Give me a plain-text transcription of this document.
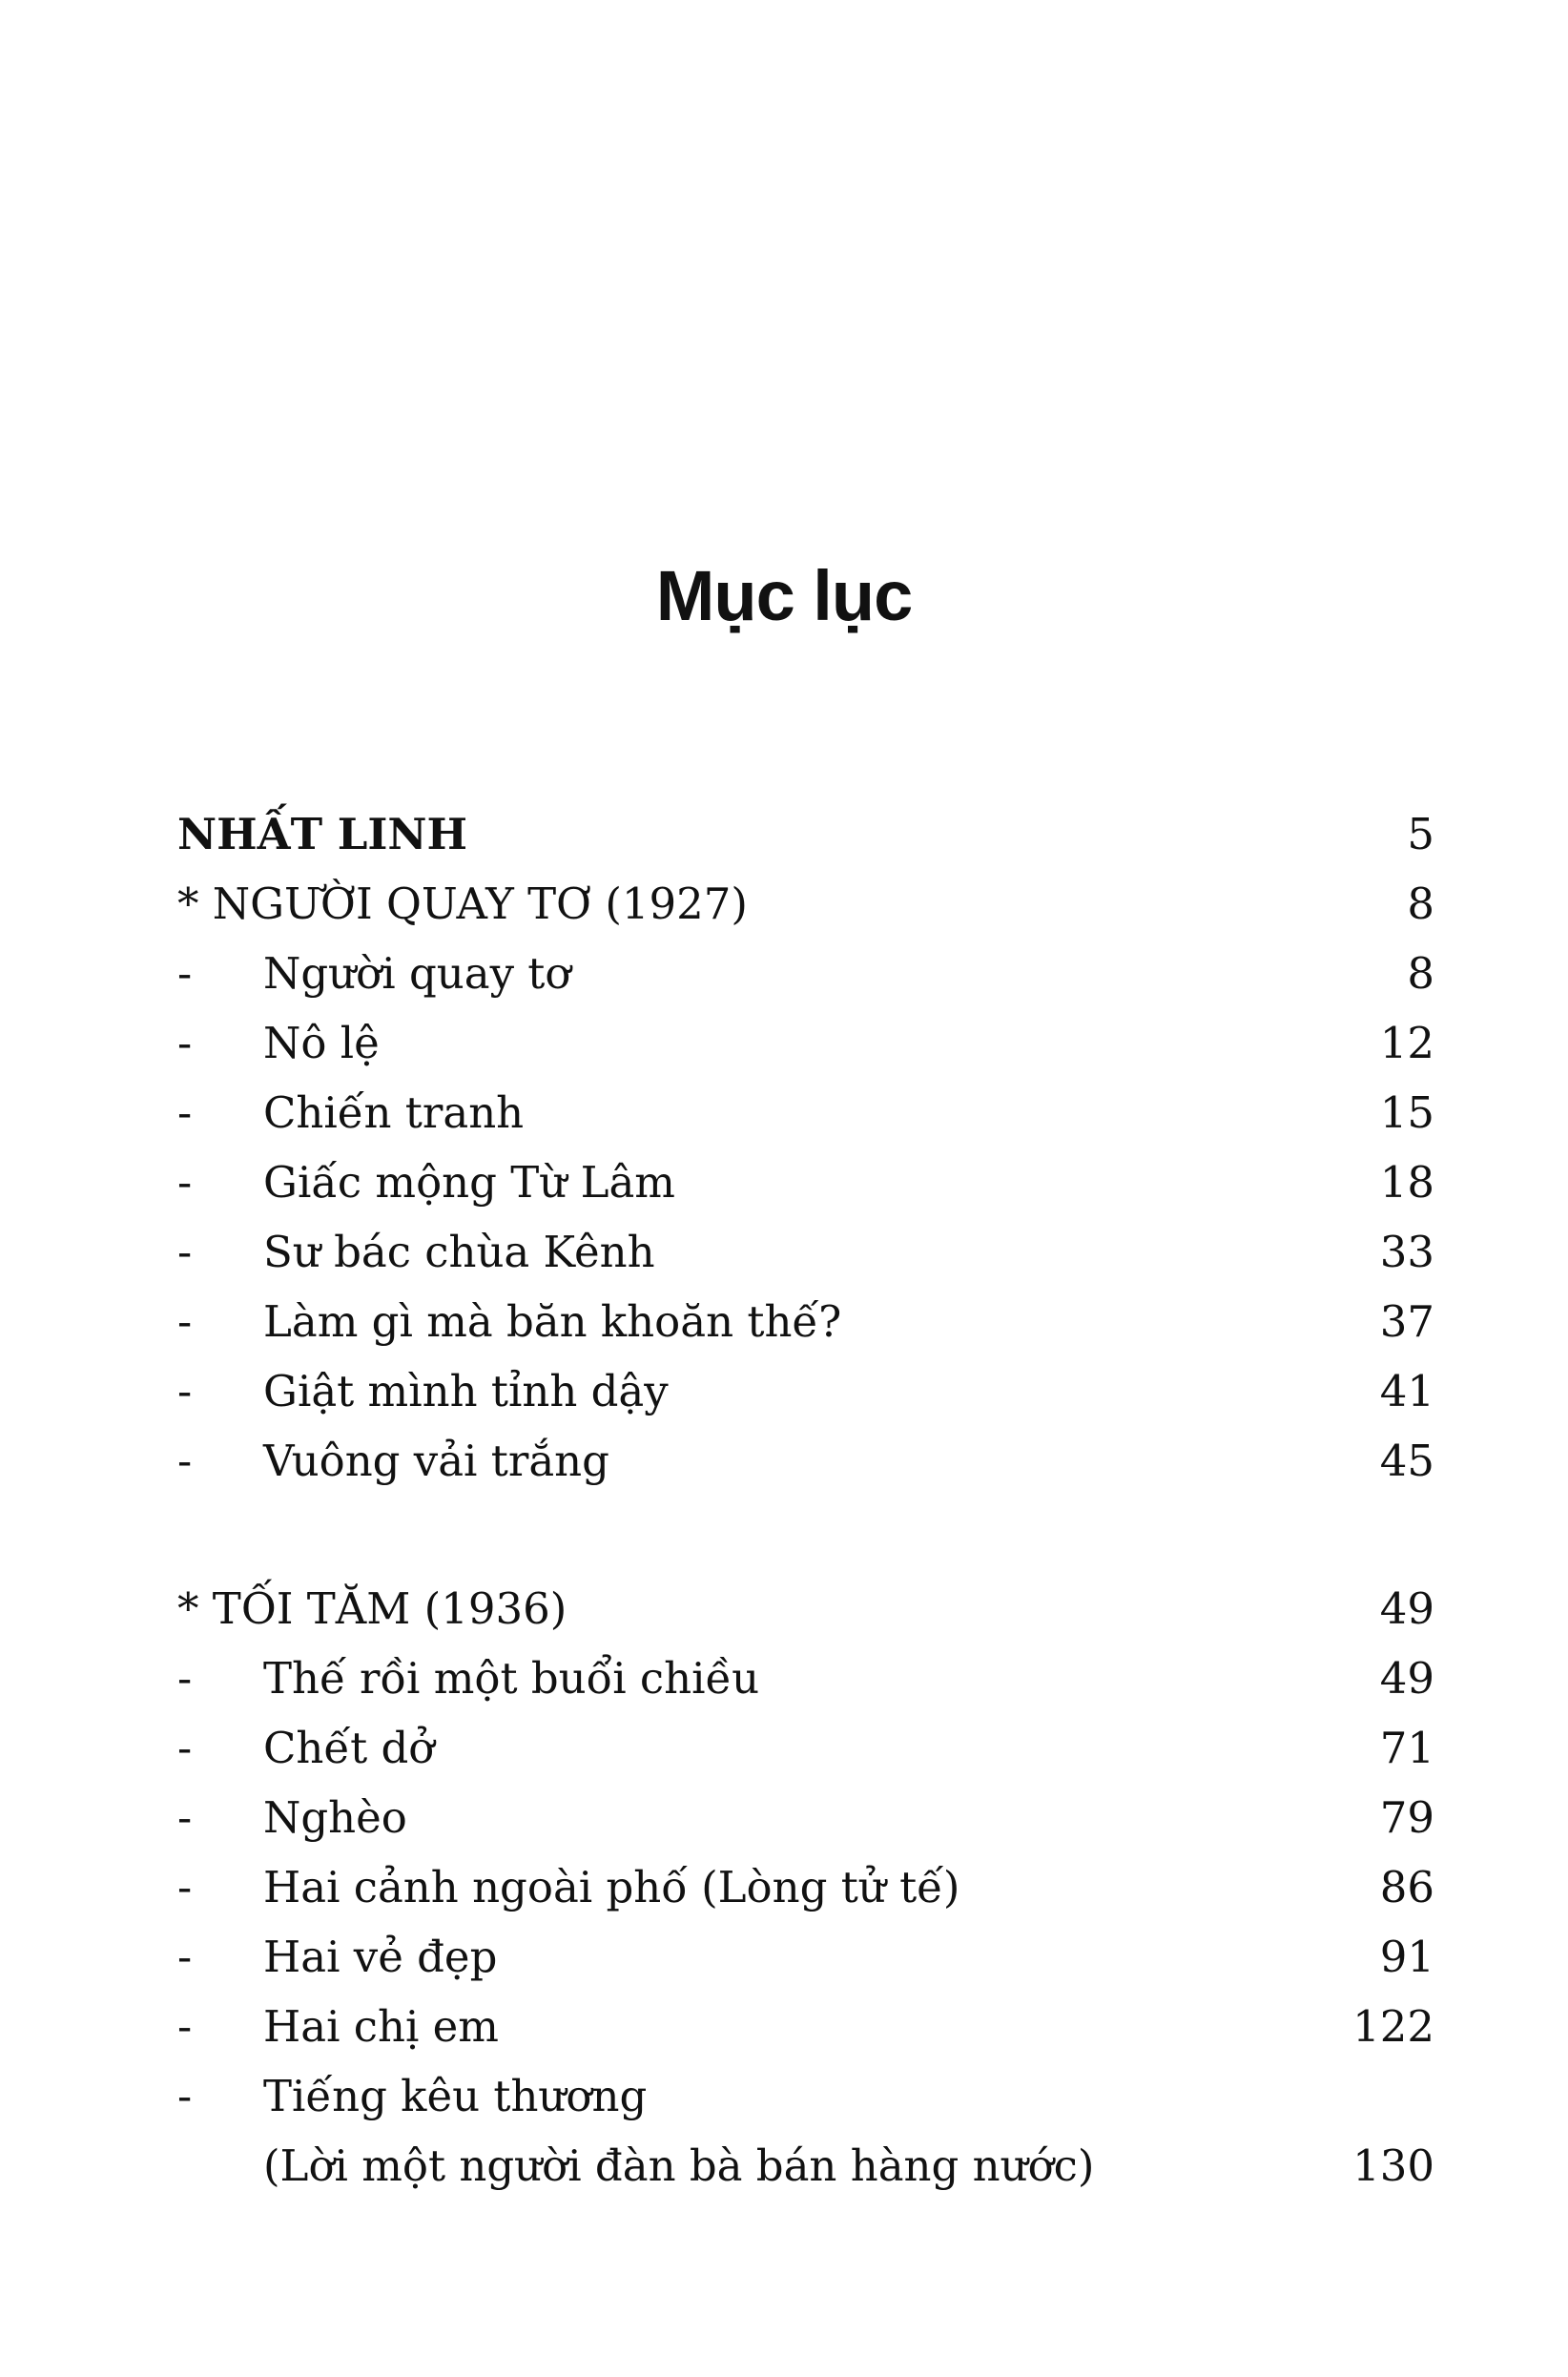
Mục lục
NHẤT LINH	5
* NGƯỜI QUAY TƠ (1927)	8
- Người quay tơ	8
- Nô lệ	12
- Chiến tranh	15
- Giấc mộng Từ Lâm	18
- Sư bác chùa Kênh	33
- Làm gì mà băn khoăn thế?	37
- Giật mình tỉnh dậy	41
- Vuông vải trắng	45
* TỐI TĂM (1936)	49
- Thế rồi một buổi chiều	49
- Chết dở	71
- Nghèo	79
- Hai cảnh ngoài phố (Lòng tử tế)	86
- Hai vẻ đẹp	91
- Hai chị em	122
- Tiếng kêu thương
(Lời một người đàn bà bán hàng nước)	130
